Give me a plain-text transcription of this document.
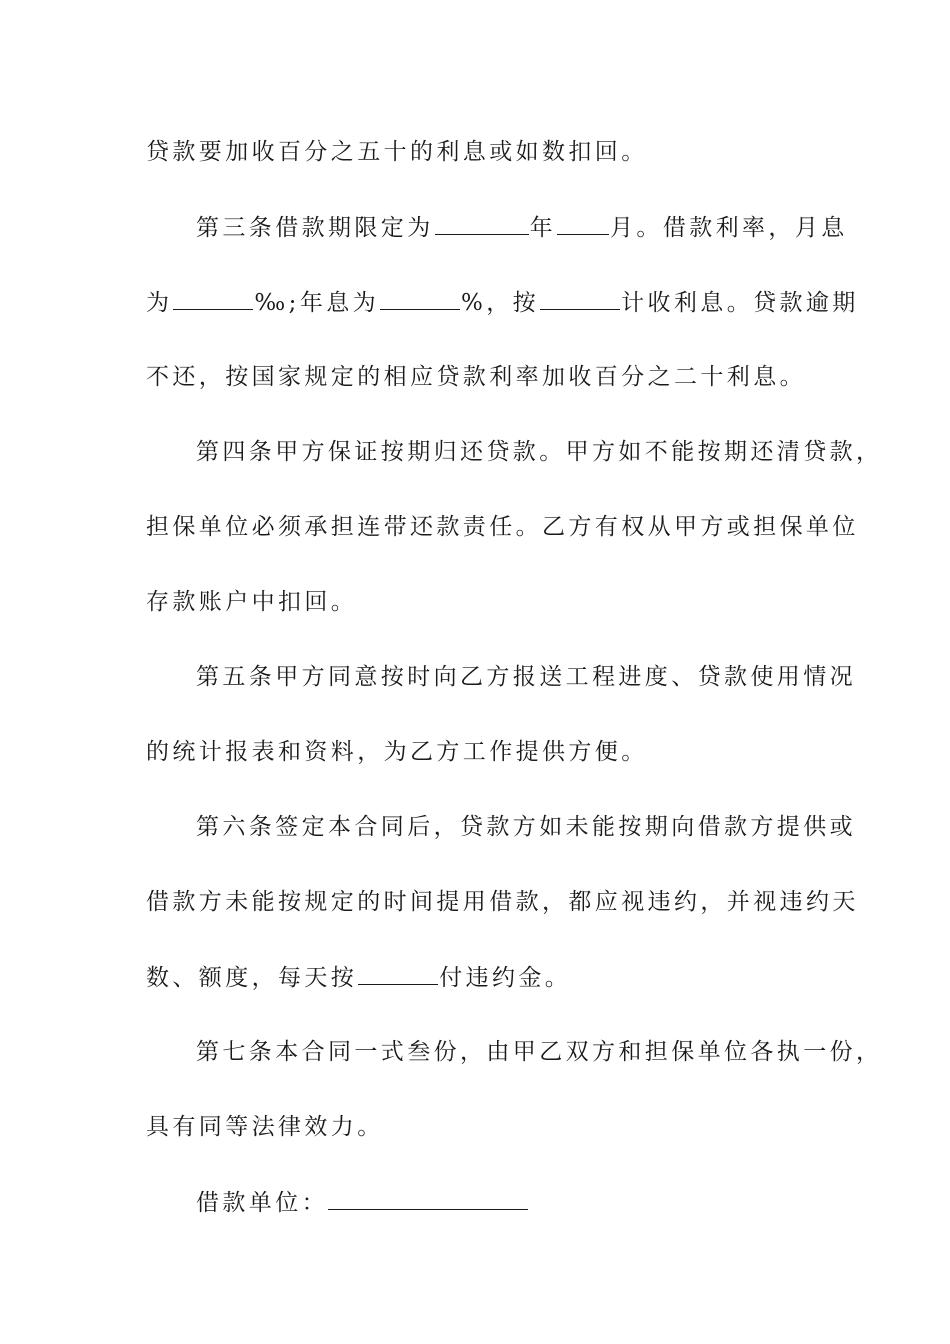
贷款要加收百分之五十的利息或如数扣回。
第三条借款期限定为	年 月。借款利率，月息
为	‰;年息为	%，按	计收利息。贷款逾期
不还，按国家规定的相应贷款利率加收百分之二十利息。
第四条甲方保证按期归还贷款。甲方如不能按期还清贷款，
担保单位必须承担连带还款责任。乙方有权从甲方或担保单位
存款账户中扣回。
第五条甲方同意按时向乙方报送工程进度、贷款使用情况
的统计报表和资料，为乙方工作提供方便。
第六条签定本合同后，贷款方如未能按期向借款方提供或
借款方未能按规定的时间提用借款，都应视违约，并视违约天
数、额度，每天按	付违约金。
第七条本合同一式叁份，由甲乙双方和担保单位各执一份，
具有同等法律效力。
借款单位：
